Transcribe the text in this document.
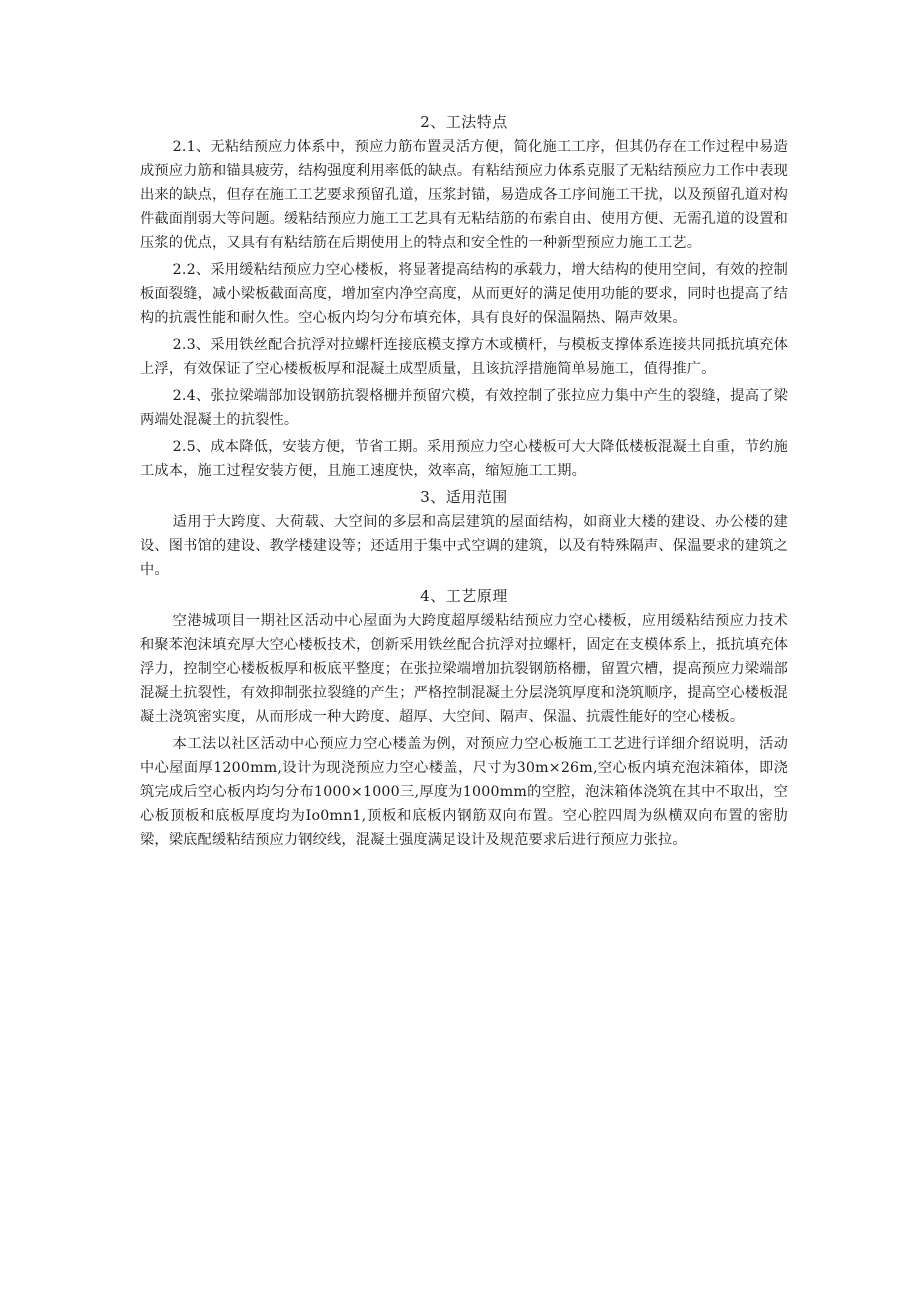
2、工法特点

2.1、无粘结预应力体系中，预应力筋布置灵活方便，简化施工工序，但其仍存在工作过程中易造成预应力筋和锚具疲劳，结构强度利用率低的缺点。有粘结预应力体系克服了无粘结预应力工作中表现出来的缺点，但存在施工工艺要求预留孔道，压浆封锚，易造成各工序间施工干扰，以及预留孔道对构件截面削弱大等问题。缓粘结预应力施工工艺具有无粘结筋的布索自由、使用方便、无需孔道的设置和压浆的优点，又具有有粘结筋在后期使用上的特点和安全性的一种新型预应力施工工艺。

2.2、采用缓粘结预应力空心楼板，将显著提高结构的承载力，增大结构的使用空间，有效的控制板面裂缝，减小梁板截面高度，增加室内净空高度，从而更好的满足使用功能的要求，同时也提高了结构的抗震性能和耐久性。空心板内均匀分布填充体，具有良好的保温隔热、隔声效果。

2.3、采用铁丝配合抗浮对拉螺杆连接底模支撑方木或横杆，与模板支撑体系连接共同抵抗填充体上浮，有效保证了空心楼板板厚和混凝土成型质量，且该抗浮措施简单易施工，值得推广。

2.4、张拉梁端部加设钢筋抗裂格栅并预留穴模，有效控制了张拉应力集中产生的裂缝，提高了梁两端处混凝土的抗裂性。

2.5、成本降低，安装方便，节省工期。采用预应力空心楼板可大大降低楼板混凝土自重，节约施工成本，施工过程安装方便，且施工速度快，效率高，缩短施工工期。

3、适用范围

适用于大跨度、大荷载、大空间的多层和高层建筑的屋面结构，如商业大楼的建设、办公楼的建设、图书馆的建设、教学楼建设等；还适用于集中式空调的建筑，以及有特殊隔声、保温要求的建筑之中。

4、工艺原理

空港城项目一期社区活动中心屋面为大跨度超厚缓粘结预应力空心楼板，应用缓粘结预应力技术和聚苯泡沫填充厚大空心楼板技术，创新采用铁丝配合抗浮对拉螺杆，固定在支模体系上，抵抗填充体浮力，控制空心楼板板厚和板底平整度；在张拉梁端增加抗裂钢筋格栅，留置穴槽，提高预应力梁端部混凝土抗裂性，有效抑制张拉裂缝的产生；严格控制混凝土分层浇筑厚度和浇筑顺序，提高空心楼板混凝土浇筑密实度，从而形成一种大跨度、超厚、大空间、隔声、保温、抗震性能好的空心楼板。

本工法以社区活动中心预应力空心楼盖为例，对预应力空心板施工工艺进行详细介绍说明，活动中心屋面厚1200mm,设计为现浇预应力空心楼盖，尺寸为30m×26m,空心板内填充泡沫箱体，即浇筑完成后空心板内均匀分布1000×1000三,厚度为1000mm的空腔，泡沫箱体浇筑在其中不取出，空心板顶板和底板厚度均为Io0mn1,顶板和底板内钢筋双向布置。空心腔四周为纵横双向布置的密肋梁，梁底配缓粘结预应力钢绞线，混凝土强度满足设计及规范要求后进行预应力张拉。
